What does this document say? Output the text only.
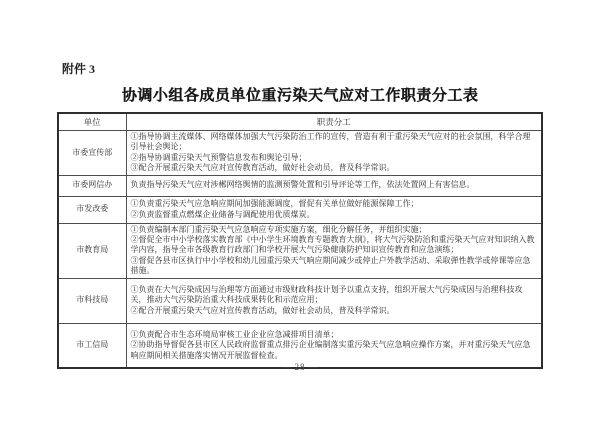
附件 3
协调小组各成员单位重污染天气应对工作职责分工表
单位	职责分工
市委宣传部	①指导协调主流媒体、网络媒体加强大气污染防治工作的宣传，营造有利于重污染天气应对的社会氛围，科学合理引导社会舆论；
②指导协调重污染天气预警信息发布和舆论引导；
③配合开展重污染天气应对宣传教育活动，做好社会动员，普及科学常识。

市委网信办	负责指导污染天气应对涉郴网络舆情的监测预警处置和引导评论等工作，依法处置网上有害信息。

市发改委	①负责重污染天气应急响应期间加强能源调度，督促有关单位做好能源保障工作；
②负责监督重点燃煤企业储备与调配使用优质煤炭。

市教育局	①负责编制本部门重污染天气应急响应专项实施方案，细化分解任务，并组织实施；
②督促全市中小学校落实教育部《中小学生环境教育专题教育大纲》，将大气污染防治和重污染天气应对知识纳入教学内容，指导全市各级教育行政部门和学校开展大气污染健康防护知识宣传教育和应急演练；
③督促各县市区执行中小学校和幼儿园重污染天气响应期间减少或停止户外教学活动、采取弹性教学或停课等应急措施。

市科技局	①负责在大气污染成因与治理等方面通过市级财政科技计划予以重点支持，组织开展大气污染成因与治理科技攻关，推动大气污染防治重大科技成果转化和示范应用；
②配合开展重污染天气应对宣传教育活动，做好社会动员，普及科学常识。

市工信局	①负责配合市生态环境局审核工业企业应急减排项目清单；
②协助指导督促各县市区人民政府监督重点排污企业编制落实重污染天气应急响应操作方案，并对重污染天气应急响应期间相关措施落实情况开展监督检查。
— 28 —
